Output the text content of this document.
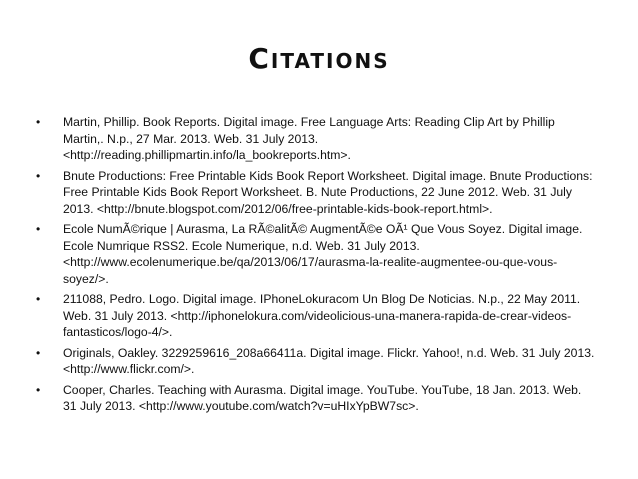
Citations
•	Martin, Phillip. Book Reports. Digital image. Free Language Arts: Reading Clip Art by Phillip Martin,. N.p., 27 Mar. 2013. Web. 31 July 2013. <http://reading.phillipmartin.info/la_bookreports.htm>.
•	Bnute Productions: Free Printable Kids Book Report Worksheet. Digital image. Bnute Productions: Free Printable Kids Book Report Worksheet. B. Nute Productions, 22 June 2012. Web. 31 July 2013. <http://bnute.blogspot.com/2012/06/free-printable-kids-book-report.html>.
•	Ecole NumÃ©rique | Aurasma, La RÃ©alitÃ© AugmentÃ©e OÃ¹ Que Vous Soyez. Digital image. Ecole Numrique RSS2. Ecole Numerique, n.d. Web. 31 July 2013. <http://www.ecolenumerique.be/qa/2013/06/17/aurasma-la-realite-augmentee-ou-que-vous-soyez/>.
•	211088, Pedro. Logo. Digital image. IPhoneLokuracom Un Blog De Noticias. N.p., 22 May 2011. Web. 31 July 2013. <http://iphonelokura.com/videolicious-una-manera-rapida-de-crear-videos-fantasticos/logo-4/>.
•	Originals, Oakley. 3229259616_208a66411a. Digital image. Flickr. Yahoo!, n.d. Web. 31 July 2013. <http://www.flickr.com/>.
•	Cooper, Charles. Teaching with Aurasma. Digital image. YouTube. YouTube, 18 Jan. 2013. Web. 31 July 2013. <http://www.youtube.com/watch?v=uHIxYpBW7sc>.
